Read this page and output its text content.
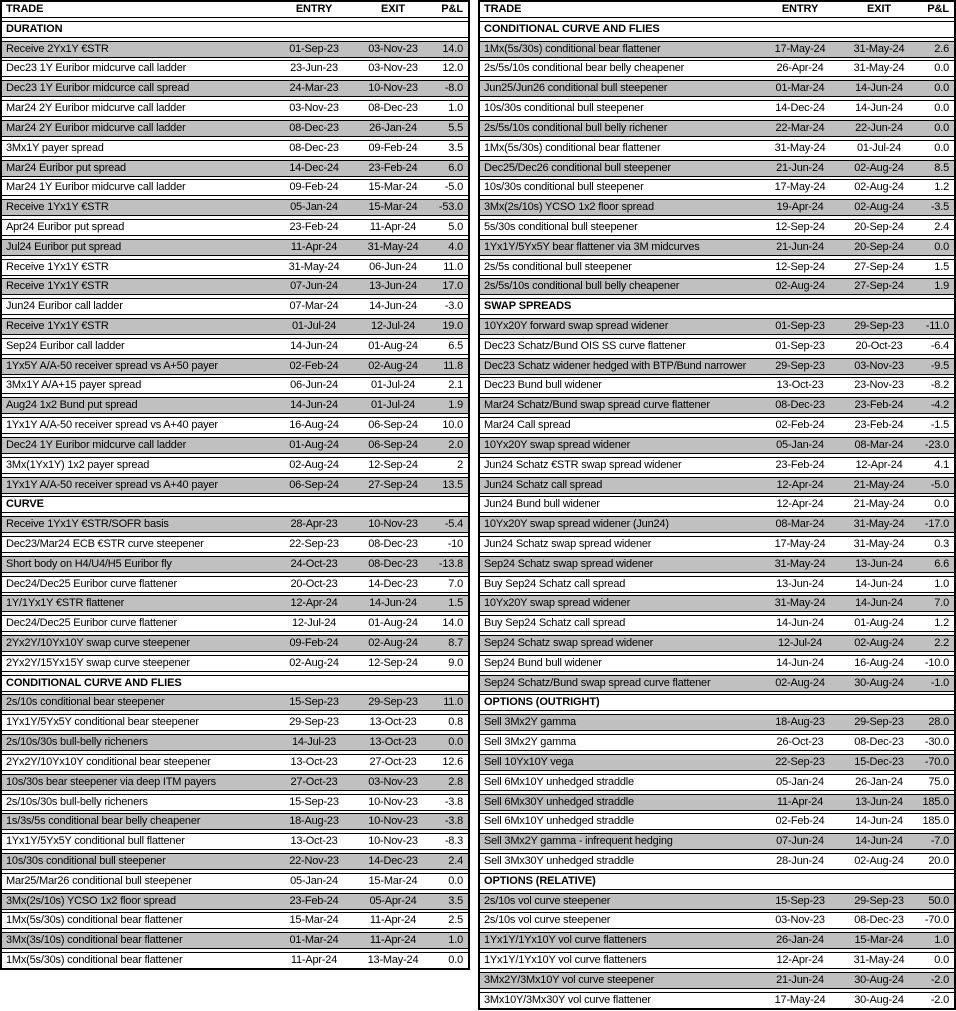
TRADE	ENTRY	EXIT	P&L
DURATION
Receive 2Yx1Y €STR	01-Sep-23	03-Nov-23	14.0
Dec23 1Y Euribor midcurve call ladder	23-Jun-23	03-Nov-23	12.0
Dec23 1Y Euribor midcurce call spread	24-Mar-23	10-Nov-23	-8.0
Mar24 2Y Euribor midcurve call ladder	03-Nov-23	08-Dec-23	1.0
Mar24 2Y Euribor midcurve call ladder	08-Dec-23	26-Jan-24	5.5
3Mx1Y payer spread	08-Dec-23	09-Feb-24	3.5
Mar24 Euribor put spread	14-Dec-24	23-Feb-24	6.0
Mar24 1Y Euribor midcurve call ladder	09-Feb-24	15-Mar-24	-5.0
Receive 1Yx1Y €STR	05-Jan-24	15-Mar-24	-53.0
Apr24 Euribor put spread	23-Feb-24	11-Apr-24	5.0
Jul24 Euribor put spread	11-Apr-24	31-May-24	4.0
Receive 1Yx1Y €STR	31-May-24	06-Jun-24	11.0
Receive 1Yx1Y €STR	07-Jun-24	13-Jun-24	17.0
Jun24 Euribor call ladder	07-Mar-24	14-Jun-24	-3.0
Receive 1Yx1Y €STR	01-Jul-24	12-Jul-24	19.0
Sep24 Euribor call ladder	14-Jun-24	01-Aug-24	6.5
1Yx5Y A/A-50 receiver spread vs A+50 payer	02-Feb-24	02-Aug-24	11.8
3Mx1Y A/A+15 payer spread	06-Jun-24	01-Jul-24	2.1
Aug24 1x2 Bund put spread	14-Jun-24	01-Jul-24	1.9
1Yx1Y A/A-50 receiver spread vs A+40 payer	16-Aug-24	06-Sep-24	10.0
Dec24 1Y Euribor midcurve call ladder	01-Aug-24	06-Sep-24	2.0
3Mx(1Yx1Y) 1x2 payer spread	02-Aug-24	12-Sep-24	2
1Yx1Y A/A-50 receiver spread vs A+40 payer	06-Sep-24	27-Sep-24	13.5
CURVE
Receive 1Yx1Y €STR/SOFR basis	28-Apr-23	10-Nov-23	-5.4
Dec23/Mar24 ECB €STR curve steepener	22-Sep-23	08-Dec-23	-10
Short body on H4/U4/H5 Euribor fly	24-Oct-23	08-Dec-23	-13.8
Dec24/Dec25 Euribor curve flattener	20-Oct-23	14-Dec-23	7.0
1Y/1Yx1Y €STR flattener	12-Apr-24	14-Jun-24	1.5
Dec24/Dec25 Euribor curve flattener	12-Jul-24	01-Aug-24	14.0
2Yx2Y/10Yx10Y swap curve steepener	09-Feb-24	02-Aug-24	8.7
2Yx2Y/15Yx15Y swap curve steepener	02-Aug-24	12-Sep-24	9.0
CONDITIONAL CURVE AND FLIES
2s/10s conditional bear steepener	15-Sep-23	29-Sep-23	11.0
1Yx1Y/5Yx5Y conditional bear steepener	29-Sep-23	13-Oct-23	0.8
2s/10s/30s bull-belly richeners	14-Jul-23	13-Oct-23	0.0
2Yx2Y/10Yx10Y conditional bear steepener	13-Oct-23	27-Oct-23	12.6
10s/30s bear steepener via deep ITM payers	27-Oct-23	03-Nov-23	2.8
2s/10s/30s bull-belly richeners	15-Sep-23	10-Nov-23	-3.8
1s/3s/5s conditional bear belly cheapener	18-Aug-23	10-Nov-23	-3.8
1Yx1Y/5Yx5Y conditional bull flattener	13-Oct-23	10-Nov-23	-8.3
10s/30s conditional bull steepener	22-Nov-23	14-Dec-23	2.4
Mar25/Mar26 conditional bull steepener	05-Jan-24	15-Mar-24	0.0
3Mx(2s/10s) YCSO 1x2 floor spread	23-Feb-24	05-Apr-24	3.5
1Mx(5s/30s) conditional bear flattener	15-Mar-24	11-Apr-24	2.5
3Mx(3s/10s) conditional bear flattener	01-Mar-24	11-Apr-24	1.0
1Mx(5s/30s) conditional bear flattener	11-Apr-24	13-May-24	0.0
TRADE	ENTRY	EXIT	P&L
CONDITIONAL CURVE AND FLIES
1Mx(5s/30s) conditional bear flattener	17-May-24	31-May-24	2.6
2s/5s/10s conditional bear belly cheapener	26-Apr-24	31-May-24	0.0
Jun25/Jun26 conditional bull steepener	01-Mar-24	14-Jun-24	0.0
10s/30s conditional bull steepener	14-Dec-24	14-Jun-24	0.0
2s/5s/10s conditional bull belly richener	22-Mar-24	22-Jun-24	0.0
1Mx(5s/30s) conditional bear flattener	31-May-24	01-Jul-24	0.0
Dec25/Dec26 conditional bull steepener	21-Jun-24	02-Aug-24	8.5
10s/30s conditional bull steepener	17-May-24	02-Aug-24	1.2
3Mx(2s/10s) YCSO 1x2 floor spread	19-Apr-24	02-Aug-24	-3.5
5s/30s conditional bull steepener	12-Sep-24	20-Sep-24	2.4
1Yx1Y/5Yx5Y bear flattener via 3M midcurves	21-Jun-24	20-Sep-24	0.0
2s/5s conditional bull steepener	12-Sep-24	27-Sep-24	1.5
2s/5s/10s conditional bull belly cheapener	02-Aug-24	27-Sep-24	1.9
SWAP SPREADS
10Yx20Y forward swap spread widener	01-Sep-23	29-Sep-23	-11.0
Dec23 Schatz/Bund OIS SS curve flattener	01-Sep-23	20-Oct-23	-6.4
Dec23 Schatz widener hedged with BTP/Bund narrower	29-Sep-23	03-Nov-23	-9.5
Dec23 Bund bull widener	13-Oct-23	23-Nov-23	-8.2
Mar24 Schatz/Bund swap spread curve flattener	08-Dec-23	23-Feb-24	-4.2
Mar24 Call spread	02-Feb-24	23-Feb-24	-1.5
10Yx20Y swap spread widener	05-Jan-24	08-Mar-24	-23.0
Jun24 Schatz €STR swap spread widener	23-Feb-24	12-Apr-24	4.1
Jun24 Schatz call spread	12-Apr-24	21-May-24	-5.0
Jun24 Bund bull widener	12-Apr-24	21-May-24	0.0
10Yx20Y swap spread widener (Jun24)	08-Mar-24	31-May-24	-17.0
Jun24 Schatz swap spread widener	17-May-24	31-May-24	0.3
Sep24 Schatz swap spread widener	31-May-24	13-Jun-24	6.6
Buy Sep24 Schatz call spread	13-Jun-24	14-Jun-24	1.0
10Yx20Y swap spread widener	31-May-24	14-Jun-24	7.0
Buy Sep24 Schatz call spread	14-Jun-24	01-Aug-24	1.2
Sep24 Schatz swap spread widener	12-Jul-24	02-Aug-24	2.2
Sep24 Bund bull widener	14-Jun-24	16-Aug-24	-10.0
Sep24 Schatz/Bund swap spread curve flattener	02-Aug-24	30-Aug-24	-1.0
OPTIONS (OUTRIGHT)
Sell 3Mx2Y gamma	18-Aug-23	29-Sep-23	28.0
Sell 3Mx2Y gamma	26-Oct-23	08-Dec-23	-30.0
Sell 10Yx10Y vega	22-Sep-23	15-Dec-23	-70.0
Sell 6Mx10Y unhedged straddle	05-Jan-24	26-Jan-24	75.0
Sell 6Mx30Y unhedged straddle	11-Apr-24	13-Jun-24	185.0
Sell 6Mx10Y unhedged straddle	02-Feb-24	14-Jun-24	185.0
Sell 3Mx2Y gamma - infrequent hedging	07-Jun-24	14-Jun-24	-7.0
Sell 3Mx30Y unhedged straddle	28-Jun-24	02-Aug-24	20.0
OPTIONS (RELATIVE)
2s/10s vol curve steepener	15-Sep-23	29-Sep-23	50.0
2s/10s vol curve steepener	03-Nov-23	08-Dec-23	-70.0
1Yx1Y/1Yx10Y vol curve flatteners	26-Jan-24	15-Mar-24	1.0
1Yx1Y/1Yx10Y vol curve flatteners	12-Apr-24	31-May-24	0.0
3Mx2Y/3Mx10Y vol curve steepener	21-Jun-24	30-Aug-24	-2.0
3Mx10Y/3Mx30Y vol curve flattener	17-May-24	30-Aug-24	-2.0
